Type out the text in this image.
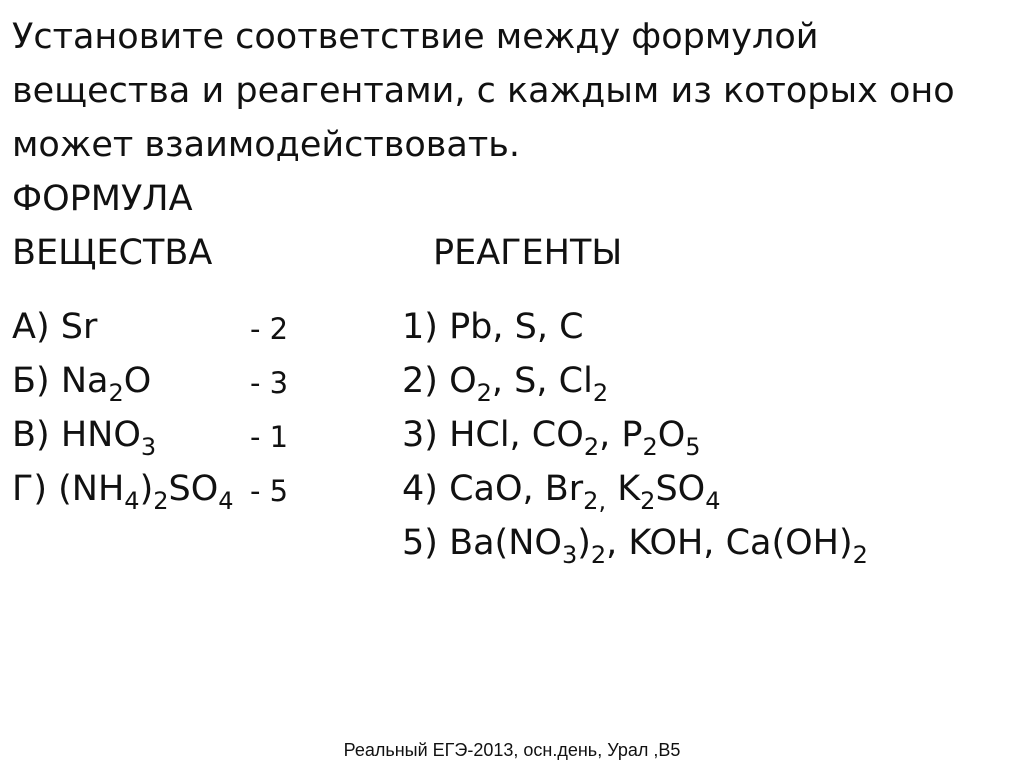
Установите соответствие между формулой
вещества и реагентами, с каждым из которых оно
может взаимодействовать.
ФОРМУЛА
ВЕЩЕСТВА	РЕАГЕНТЫ
А) Sr
Б) $Na_2O$
В) $HNO_3$
Г) $(NH_4)_2SO_4$
- 2
- 3
- 1
- 5
1) Pb, S, C
2) $O_2$, S, $Cl_2$
3) HCl, $CO_2$, $P_2O_5$
4) CaO, $Br_{2,}$ $K_2SO_4$
5) $Ba(NO_3)_2$, KOH, $Ca(OH)_2$
Реальный ЕГЭ-2013, осн.день, Урал ,В5
